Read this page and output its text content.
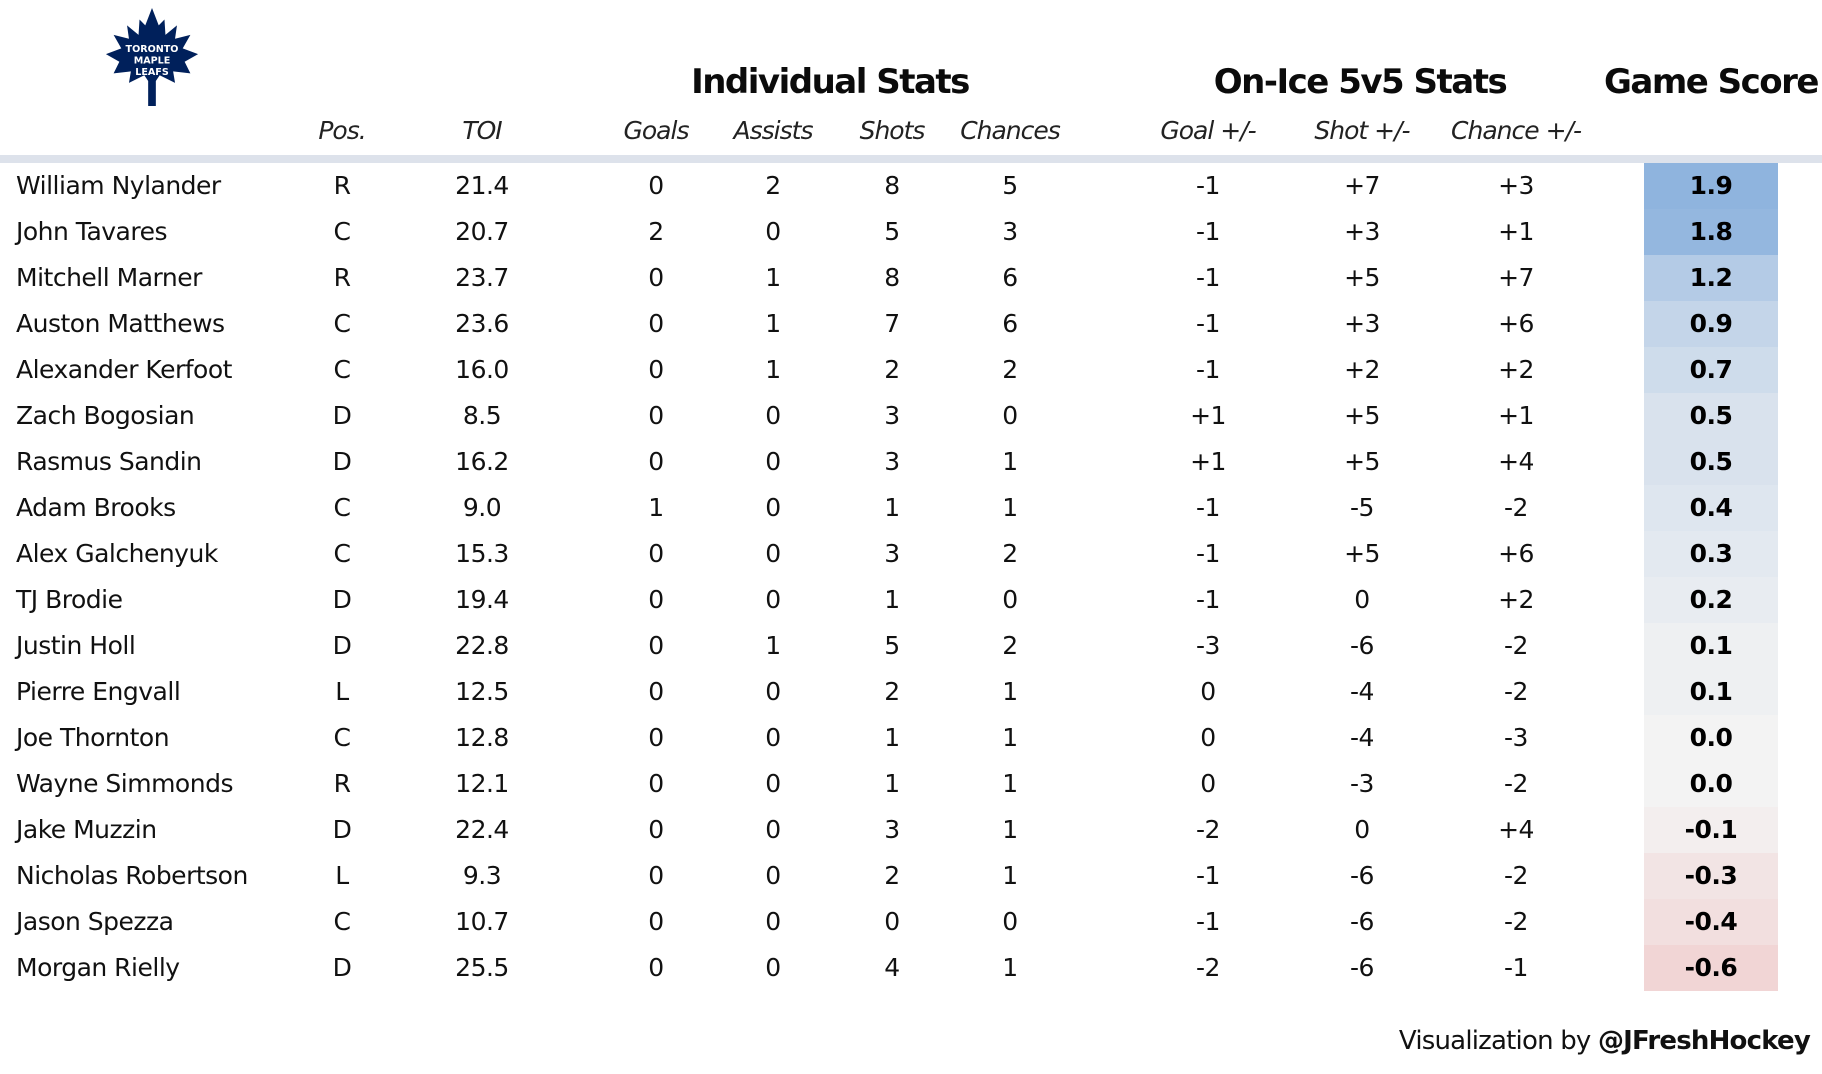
TORONTO
MAPLE
LEAFS	Individual Stats	On-Ice 5v5 Stats	Game Score
Pos.	TOI	Goals Assists Shots Chances	Goal +/- Shot +/- Chance +/-
William Nylander	R	21.4	0	2	8	5	-1	+7	+3	1.9
John Tavares	C	20.7	2	0	5	3	-1	+3	+1	1.8
Mitchell Marner	R	23.7	0	1	8	6	-1	+5	+7	1.2
Auston Matthews	C	23.6	0	1	7	6	-1	+3	+6	0.9
Alexander Kerfoot	C	16.0	0	1	2	2	-1	+2	+2	0.7
Zach Bogosian	D	8.5	0	0	3	0	+1	+5	+1	0.5
Rasmus Sandin	D	16.2	0	0	3	1	+1	+5	+4	0.5
Adam Brooks	C	9.0	1	0	1	1	-1	-5	-2	0.4
Alex Galchenyuk	C	15.3	0	0	3	2	-1	+5	+6	0.3
TJ Brodie	D	19.4	0	0	1	0	-1	0	+2	0.2
Justin Holl	D	22.8	0	1	5	2	-3	-6	-2	0.1
Pierre Engvall	L	12.5	0	0	2	1	0	-4	-2	0.1
Joe Thornton	C	12.8	0	0	1	1	0	-4	-3	0.0
Wayne Simmonds	R	12.1	0	0	1	1	0	-3	-2	0.0
Jake Muzzin	D	22.4	0	0	3	1	-2	0	+4	-0.1
Nicholas Robertson	L	9.3	0	0	2	1	-1	-6	-2	-0.3
Jason Spezza	C	10.7	0	0	0	0	-1	-6	-2	-0.4
Morgan Rielly	D	25.5	0	0	4	1	-2	-6	-1	-0.6
Visualization by @JFreshHockey
